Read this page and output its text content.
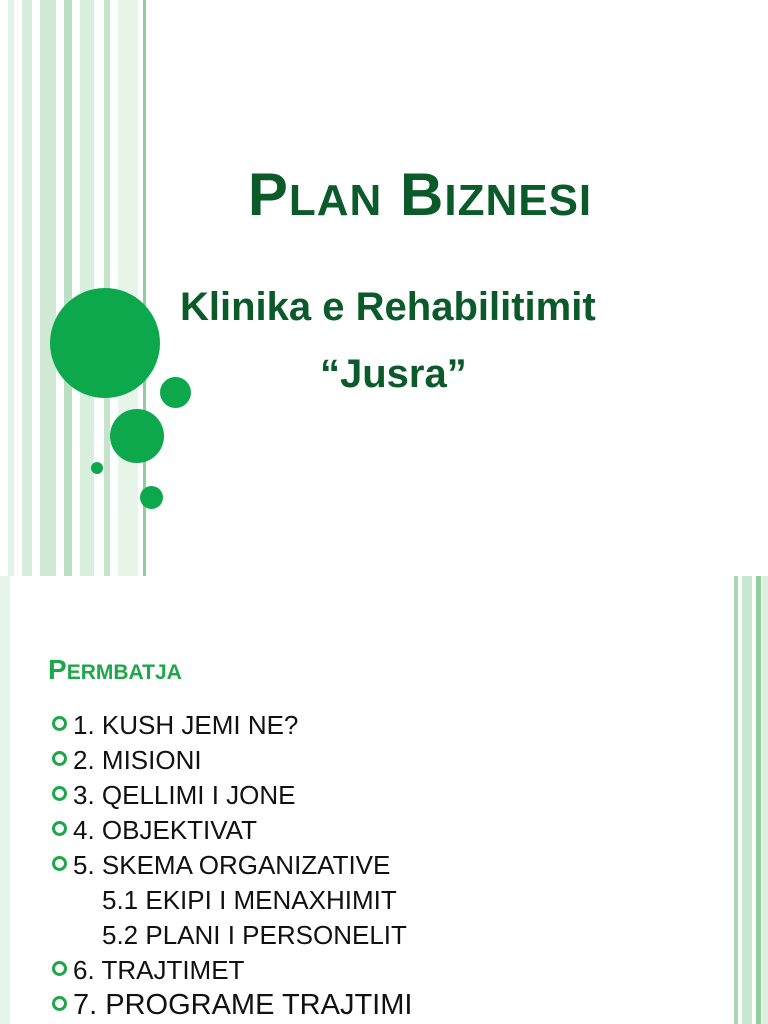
PLAN BIZNESI
Klinika e Rehabilitimit
“Jusra”
PERMBATJA
1. KUSH JEMI NE?
2. MISIONI
3. QELLIMI I JONE
4. OBJEKTIVAT
5. SKEMA ORGANIZATIVE
5.1 EKIPI I MENAXHIMIT
5.2 PLANI I PERSONELIT
6. TRAJTIMET
7. PROGRAME TRAJTIMI
